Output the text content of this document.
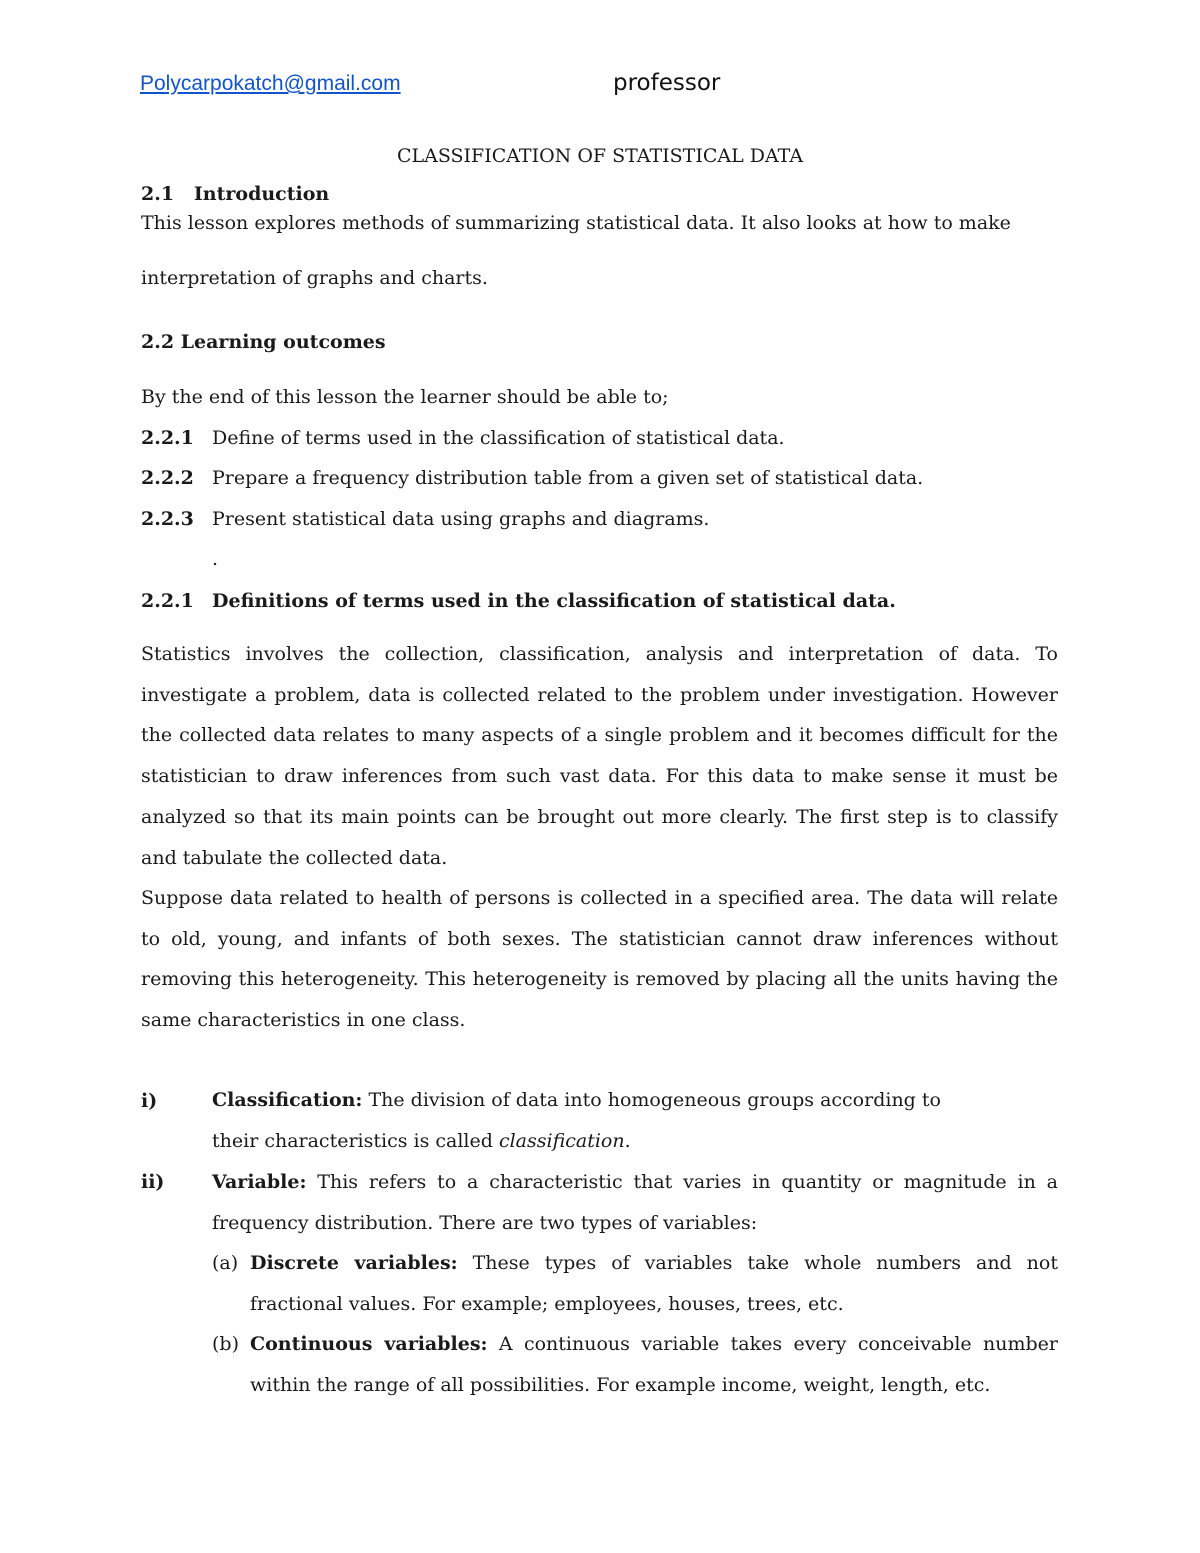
Polycarpokatch@gmail.com	professor
CLASSIFICATION OF STATISTICAL DATA
2.1 Introduction
This lesson explores methods of summarizing statistical data. It also looks at how to make
interpretation of graphs and charts.
2.2 Learning outcomes
By the end of this lesson the learner should be able to;
2.2.1 Define of terms used in the classification of statistical data.
2.2.2 Prepare a frequency distribution table from a given set of statistical data.
2.2.3 Present statistical data using graphs and diagrams.
.
2.2.1 Definitions of terms used in the classification of statistical data.

Statistics involves the collection, classification, analysis and interpretation of data. To investigate a problem, data is collected related to the problem under investigation. However the collected data relates to many aspects of a single problem and it becomes difficult for the statistician to draw inferences from such vast data. For this data to make sense it must be analyzed so that its main points can be brought out more clearly. The first step is to classify and tabulate the collected data.

Suppose data related to health of persons is collected in a specified area. The data will relate to old, young, and infants of both sexes. The statistician cannot draw inferences without removing this heterogeneity. This heterogeneity is removed by placing all the units having the same characteristics in one class.

i)	Classification: The division of data into homogeneous groups according to their characteristics is called classification.

ii)	Variable: This refers to a characteristic that varies in quantity or magnitude in a frequency distribution. There are two types of variables:

(a) Discrete variables: These types of variables take whole numbers and not fractional values. For example; employees, houses, trees, etc.

(b) Continuous variables: A continuous variable takes every conceivable number within the range of all possibilities. For example income, weight, length, etc.
